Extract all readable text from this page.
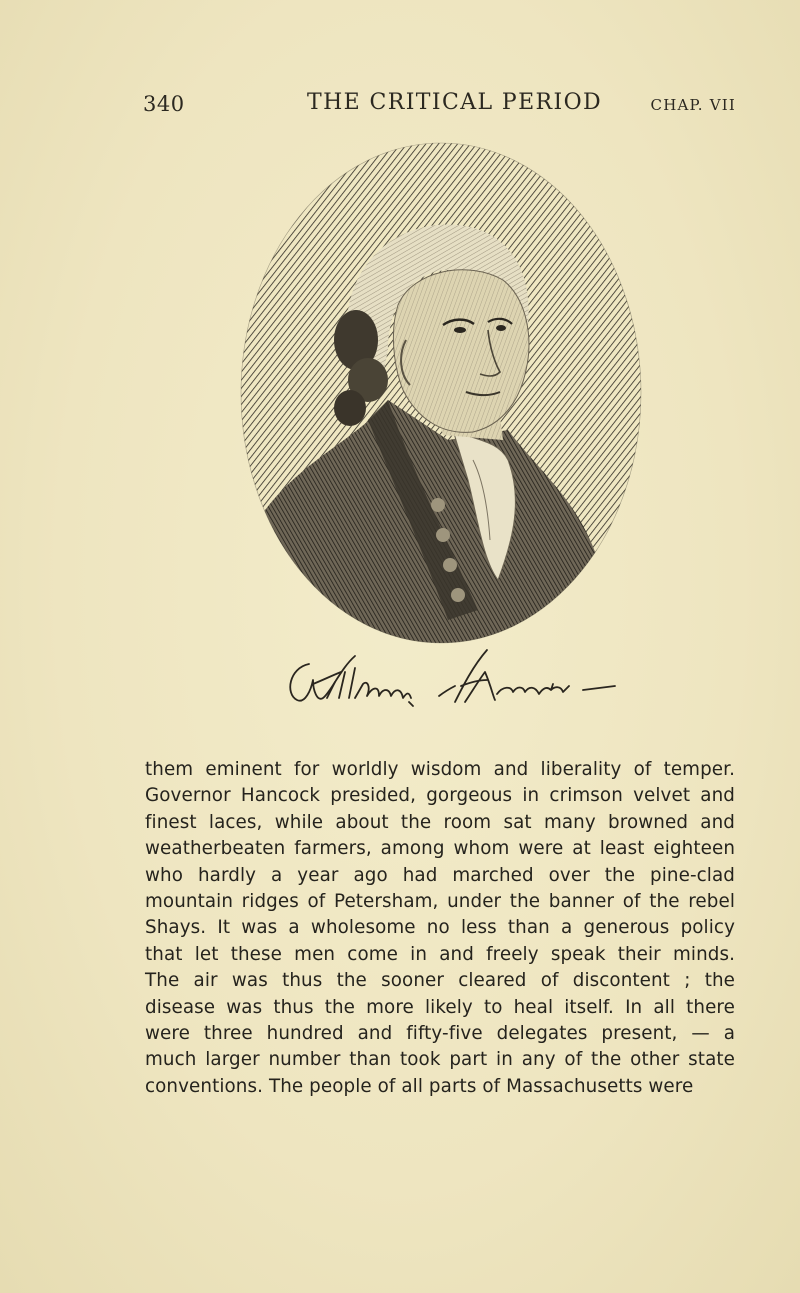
340	THE CRITICAL PERIOD	CHAP. VII
them eminent for worldly wisdom and liberality of temper.
Governor Hancock presided, gorgeous in crimson velvet and
finest laces, while about the room sat many browned and
weatherbeaten farmers, among whom were at least eighteen
who hardly a year ago had marched over the pine-clad
mountain ridges of Petersham, under the banner of the rebel
Shays. It was a wholesome no less than a generous policy
that let these men come in and freely speak their minds.
The air was thus the sooner cleared of discontent ; the
disease was thus the more likely to heal itself. In all there
were three hundred and fifty-five delegates present, — a
much larger number than took part in any of the other state
conventions. The people of all parts of Massachusetts were
